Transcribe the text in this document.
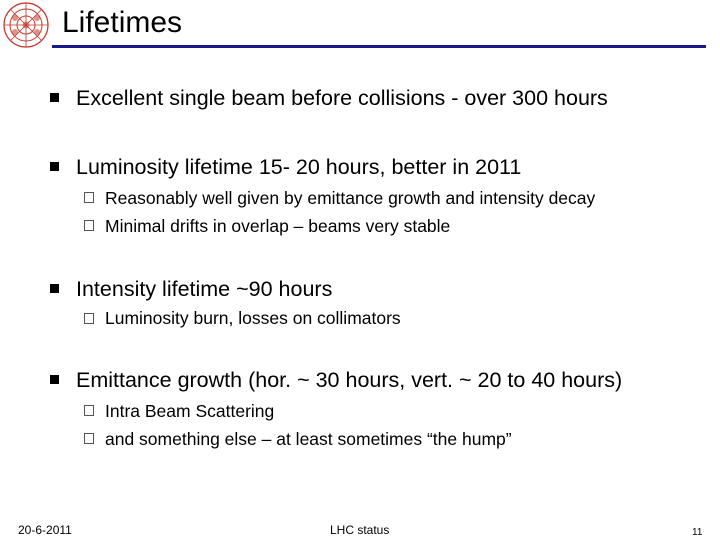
Lifetimes
Excellent single beam before collisions - over 300 hours
Luminosity lifetime 15- 20 hours, better in 2011
Reasonably well given by emittance growth and intensity decay
Minimal drifts in overlap – beams very stable
Intensity lifetime ~90 hours
Luminosity burn, losses on collimators
Emittance growth (hor. ~ 30 hours, vert. ~ 20 to 40 hours)
Intra Beam Scattering
and something else – at least sometimes “the hump”
20-6-2011	LHC status	11
